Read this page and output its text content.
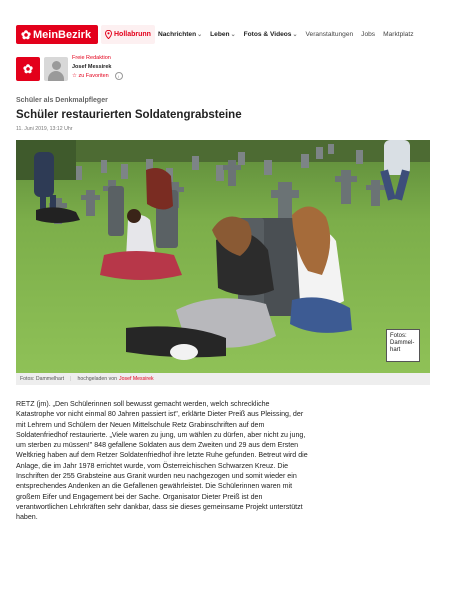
✿ MeinBezirk	Hollabrunn Nachrichten⌄ Leben⌄ Fotos & Videos⌄ Veranstaltungen Jobs Marktplatz
✿
Freie Redaktion
Josef Messirek
☆ zu Favoriten	i
Schüler als Denkmalpfleger
Schüler restaurierten Soldatengrabsteine
11. Juni 2019, 13:12 Uhr
Fotos: Dammel-hart
Fotos: Dammelhart | hochgeladen von Josef Messirek

RETZ (jm). „Den Schülerinnen soll bewusst gemacht werden, welch schreckliche Katastrophe vor nicht einmal 80 Jahren passiert ist", erklärte Dieter Preiß aus Pleissing, der mit Lehrern und Schülern der Neuen Mittelschule Retz Grabinschriften auf dem Soldatenfriedhof restaurierte. „Viele waren zu jung, um wählen zu dürfen, aber nicht zu jung, um sterben zu müssen!" 848 gefallene Soldaten aus dem Zweiten und 29 aus dem Ersten Weltkrieg haben auf dem Retzer Soldatenfriedhof ihre letzte Ruhe gefunden. Betreut wird die Anlage, die im Jahr 1978 errichtet wurde, vom Österreichischen Schwarzen Kreuz. Die Inschriften der 255 Grabsteine aus Granit wurden neu nachgezogen und somit wieder ein entsprechendes Andenken an die Gefallenen gewährleistet. Die Schülerinnen waren mit großem Eifer und Engagement bei der Sache. Organisator Dieter Preiß ist den verantwortlichen Lehrkräften sehr dankbar, dass sie dieses gemeinsame Projekt unterstützt haben.
